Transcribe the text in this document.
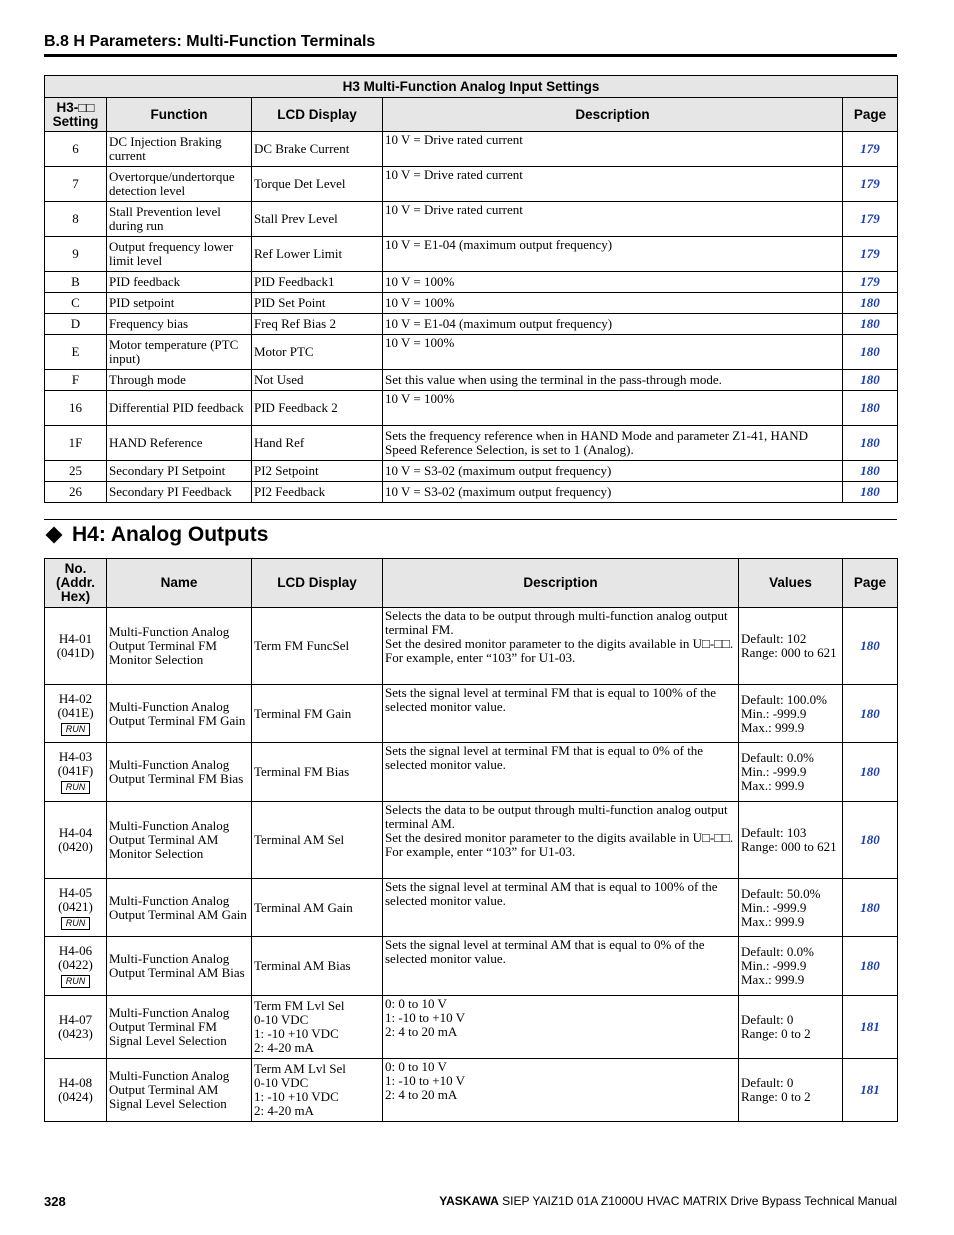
B.8 H Parameters: Multi-Function Terminals
H3 Multi-Function Analog Input Settings				
H3-□□ Setting	Function	LCD Display	Description	Page
6	DC Injection Braking current	DC Brake Current	10 V = Drive rated current	179
7	Overtorque/undertorque detection level	Torque Det Level	10 V = Drive rated current	179
8	Stall Prevention level during run	Stall Prev Level	10 V = Drive rated current	179
9	Output frequency lower limit level	Ref Lower Limit	10 V = E1-04 (maximum output frequency)	179
B	PID feedback	PID Feedback1	10 V = 100%	179
C	PID setpoint	PID Set Point	10 V = 100%	180
D	Frequency bias	Freq Ref Bias 2	10 V = E1-04 (maximum output frequency)	180
E	Motor temperature (PTC input)	Motor PTC	10 V = 100%	180
F	Through mode	Not Used	Set this value when using the terminal in the pass-through mode.	180
16	Differential PID feedback	PID Feedback 2	10 V = 100%	180
1F	HAND Reference	Hand Ref	Sets the frequency reference when in HAND Mode and parameter Z1-41, HAND Speed Reference Selection, is set to 1 (Analog).	180
25	Secondary PI Setpoint	PI2 Setpoint	10 V = S3-02 (maximum output frequency)	180
26	Secondary PI Feedback	PI2 Feedback	10 V = S3-02 (maximum output frequency)	180
H4: Analog Outputs
No. (Addr. Hex)	Name	LCD Display	Description	Values	Page

H4-01
(041D)	Multi-Function Analog Output Terminal FM Monitor Selection	Term FM FuncSel	Selects the data to be output through multi-function analog output terminal FM.
Set the desired monitor parameter to the digits available in U□-□□.
For example, enter “103” for U1-03.	Default: 102
Range: 000 to 621	180

H4-02
(041E)
RUN	Multi-Function Analog Output Terminal FM Gain	Terminal FM Gain	Sets the signal level at terminal FM that is equal to 100% of the selected monitor value.	Default: 100.0%
Min.: -999.9
Max.: 999.9	180

H4-03
(041F)
RUN	Multi-Function Analog Output Terminal FM Bias	Terminal FM Bias	Sets the signal level at terminal FM that is equal to 0% of the selected monitor value.	Default: 0.0%
Min.: -999.9
Max.: 999.9	180

H4-04
(0420)	Multi-Function Analog Output Terminal AM Monitor Selection	Terminal AM Sel	Selects the data to be output through multi-function analog output terminal AM.
Set the desired monitor parameter to the digits available in U□-□□.
For example, enter “103” for U1-03.	Default: 103
Range: 000 to 621	180

H4-05
(0421)
RUN	Multi-Function Analog Output Terminal AM Gain	Terminal AM Gain	Sets the signal level at terminal AM that is equal to 100% of the selected monitor value.	Default: 50.0%
Min.: -999.9
Max.: 999.9	180

H4-06
(0422)
RUN	Multi-Function Analog Output Terminal AM Bias	Terminal AM Bias	Sets the signal level at terminal AM that is equal to 0% of the selected monitor value.	Default: 0.0%
Min.: -999.9
Max.: 999.9	180

H4-07
(0423)	Multi-Function Analog Output Terminal FM Signal Level Selection	Term FM Lvl Sel
0-10 VDC
1: -10 +10 VDC
2: 4-20 mA	0: 0 to 10 V
1: -10 to +10 V
2: 4 to 20 mA	Default: 0
Range: 0 to 2	181

H4-08
(0424)	Multi-Function Analog Output Terminal AM Signal Level Selection	Term AM Lvl Sel
0-10 VDC
1: -10 +10 VDC
2: 4-20 mA	0: 0 to 10 V
1: -10 to +10 V
2: 4 to 20 mA	Default: 0
Range: 0 to 2	181
328	YASKAWA SIEP YAIZ1D 01A Z1000U HVAC MATRIX Drive Bypass Technical Manual
